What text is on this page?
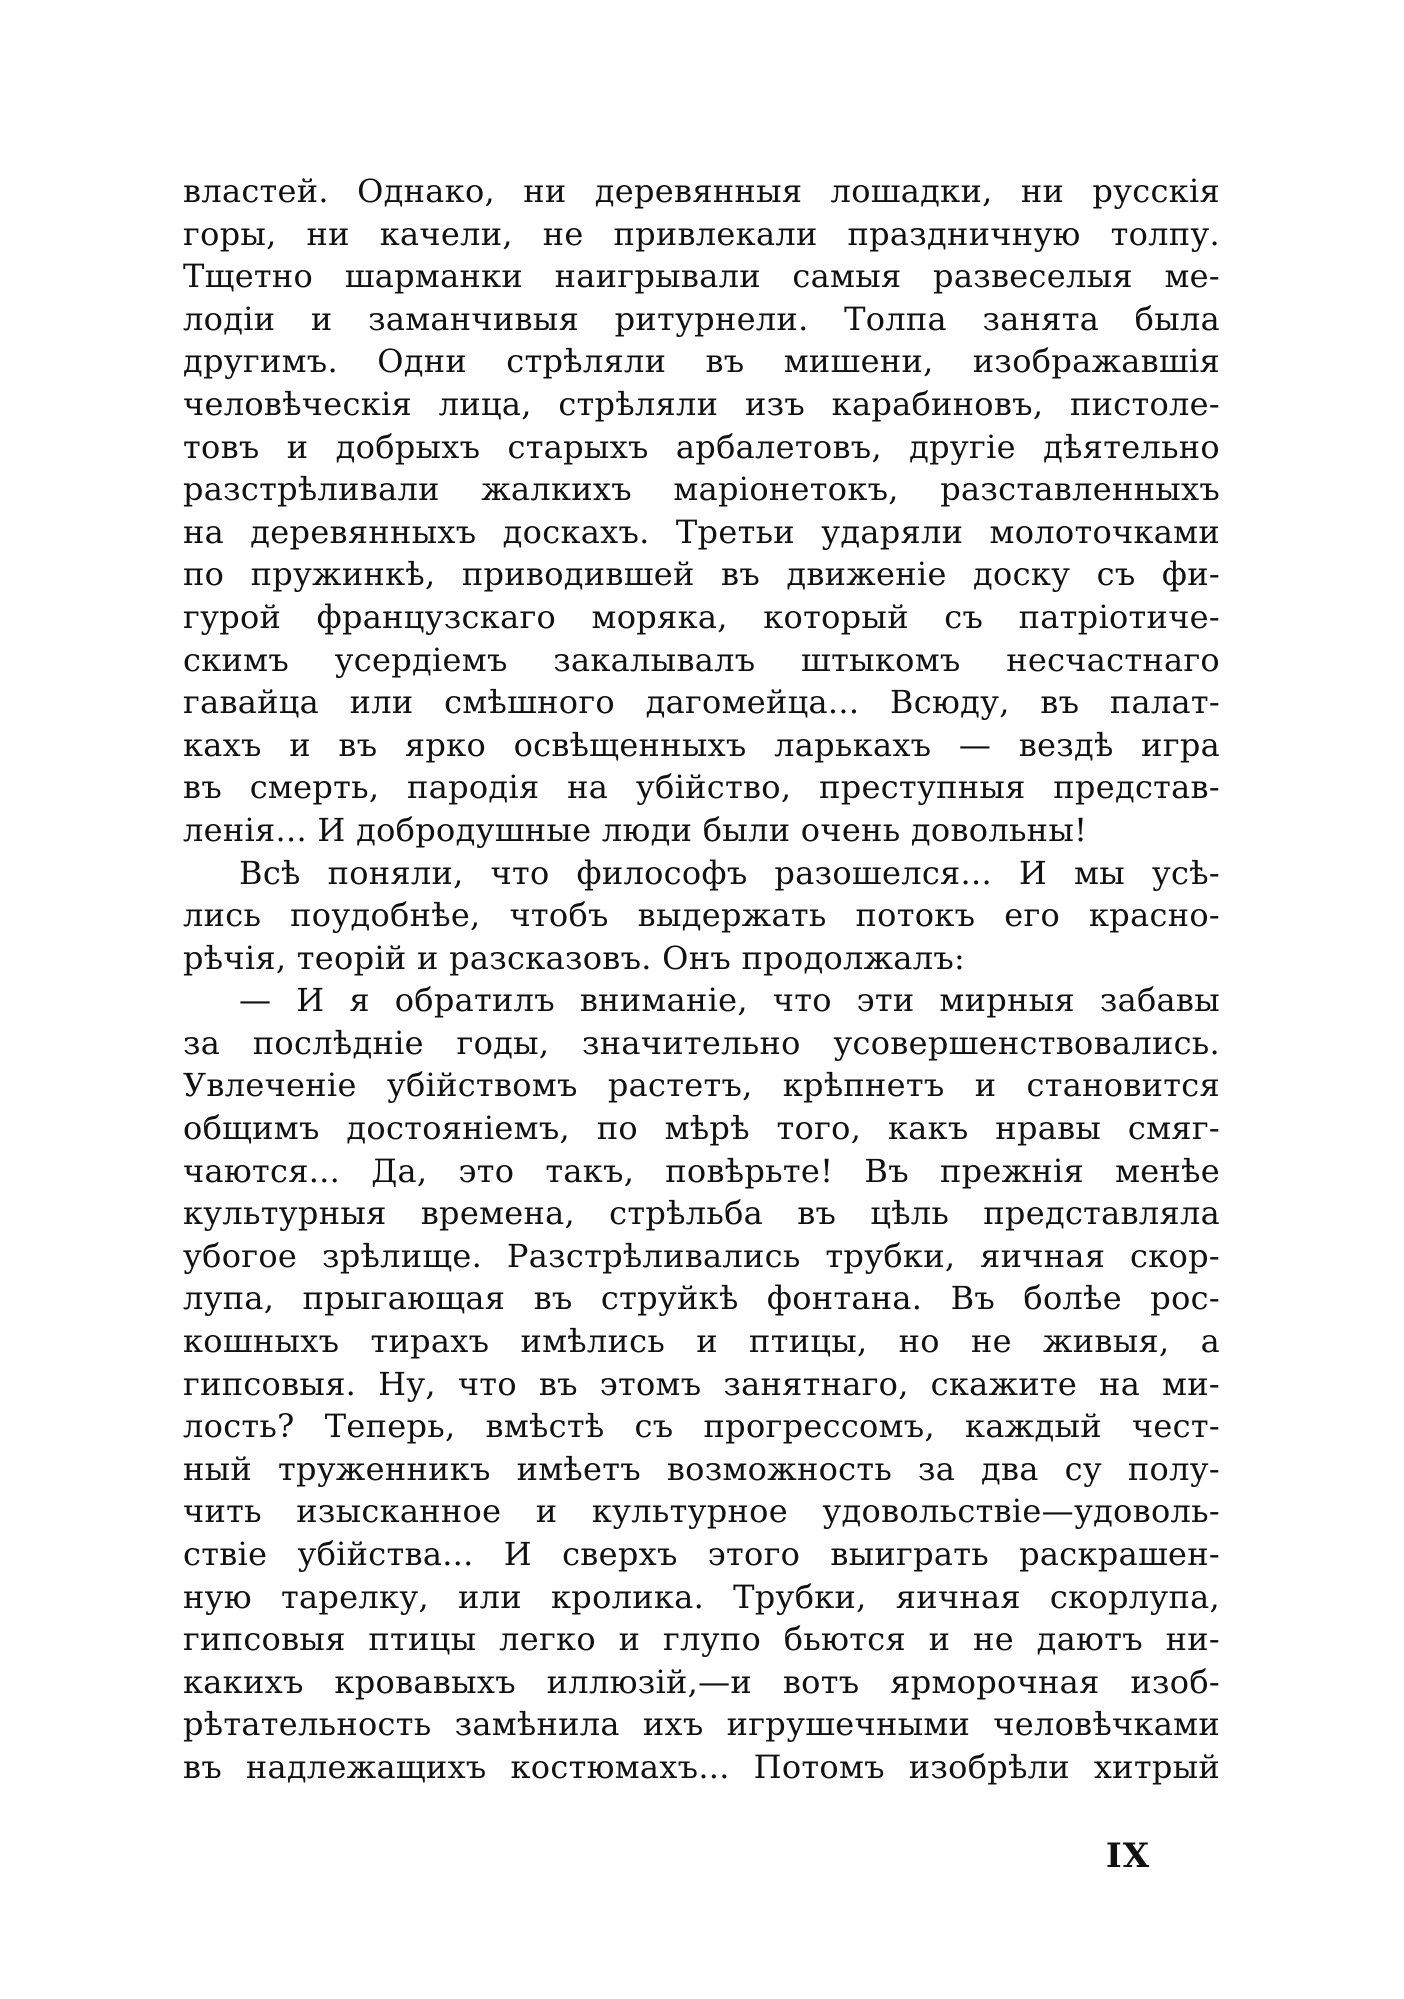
властей. Однако, ни деревянныя лошадки, ни русскія
горы, ни качели, не привлекали праздничную толпу.
Тщетно шарманки наигрывали самыя развеселыя ме-
лодіи и заманчивыя ритурнели. Толпа занята была
другимъ. Одни стрѣляли въ мишени, изображавшія
человѣческія лица, стрѣляли изъ карабиновъ, пистоле-
товъ и добрыхъ старыхъ арбалетовъ, другіе дѣятельно
разстрѣливали жалкихъ маріонетокъ, разставленныхъ
на деревянныхъ доскахъ. Третьи ударяли молоточками
по пружинкѣ, приводившей въ движеніе доску съ фи-
гурой французскаго моряка, который съ патріотиче-
скимъ усердіемъ закалывалъ штыкомъ несчастнаго
гавайца или смѣшного дагомейца... Всюду, въ палат-
кахъ и въ ярко освѣщенныхъ ларькахъ — вездѣ игра
въ смерть, пародія на убійство, преступныя представ-
ленія... И добродушные люди были очень довольны!
Всѣ поняли, что философъ разошелся... И мы усѣ-
лись поудобнѣе, чтобъ выдержать потокъ его красно-
рѣчія, теорій и разсказовъ. Онъ продолжалъ:
— И я обратилъ вниманіе, что эти мирныя забавы
за послѣдніе годы, значительно усовершенствовались.
Увлеченіе убійствомъ растетъ, крѣпнетъ и становится
общимъ достояніемъ, по мѣрѣ того, какъ нравы смяг-
чаются... Да, это такъ, повѣрьте! Въ прежнія менѣе
культурныя времена, стрѣльба въ цѣль представляла
убогое зрѣлище. Разстрѣливались трубки, яичная скор-
лупа, прыгающая въ струйкѣ фонтана. Въ болѣе рос-
кошныхъ тирахъ имѣлись и птицы, но не живыя, а
гипсовыя. Ну, что въ этомъ занятнаго, скажите на ми-
лость? Теперь, вмѣстѣ съ прогрессомъ, каждый чест-
ный труженникъ имѣетъ возможность за два су полу-
чить изысканное и культурное удовольствіе—удоволь-
ствіе убійства... И сверхъ этого выиграть раскрашен-
ную тарелку, или кролика. Трубки, яичная скорлупа,
гипсовыя птицы легко и глупо бьются и не даютъ ни-
какихъ кровавыхъ иллюзій,—и вотъ ярморочная изоб-
рѣтательность замѣнила ихъ игрушечными человѣчками
въ надлежащихъ костюмахъ... Потомъ изобрѣли хитрый
IX
